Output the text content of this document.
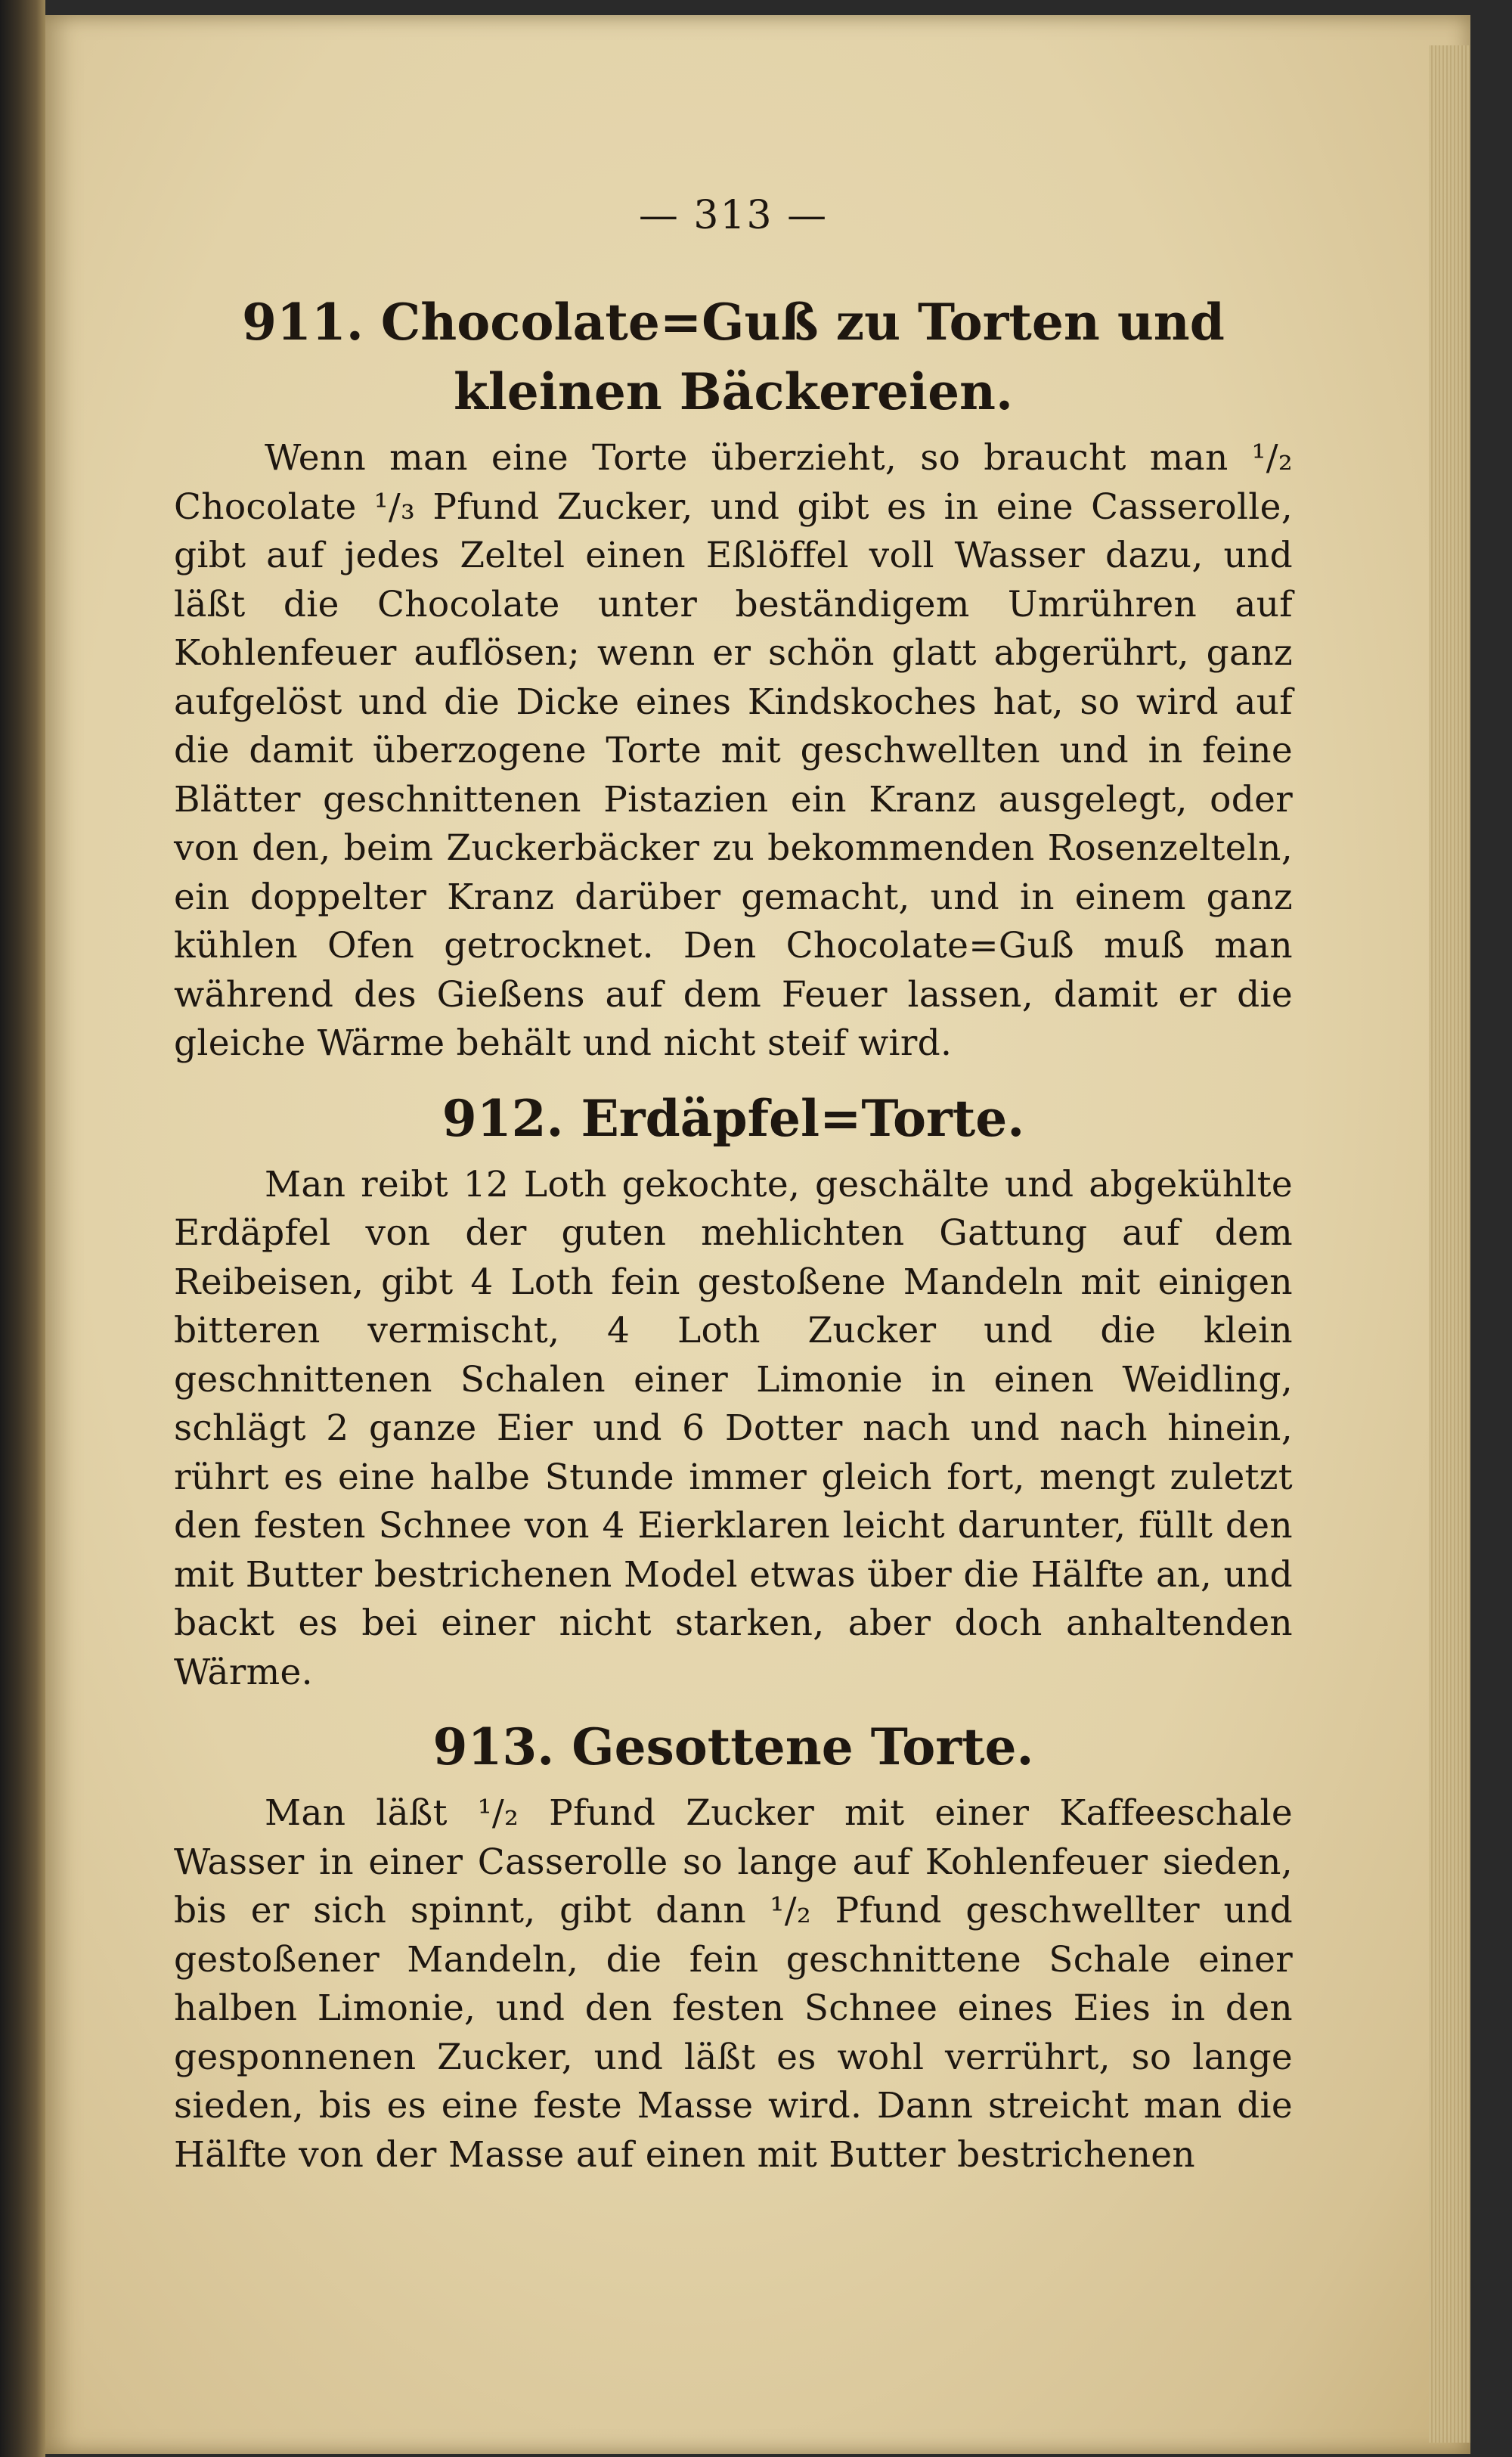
— 313 —
911. Chocolate=Guß zu Torten und kleinen Bäckereien.

Wenn man eine Torte überzieht, so braucht man ¹/₂ Chocolate ¹/₃ Pfund Zucker, und gibt es in eine Casserolle, gibt auf jedes Zeltel einen Eßlöffel voll Wasser dazu, und läßt die Chocolate unter beständigem Umrühren auf Kohlenfeuer auflösen; wenn er schön glatt abgerührt, ganz aufgelöst und die Dicke eines Kindskoches hat, so wird auf die damit überzogene Torte mit geschwellten und in feine Blätter geschnittenen Pistazien ein Kranz ausgelegt, oder von den, beim Zuckerbäcker zu bekommenden Rosenzelteln, ein doppelter Kranz darüber gemacht, und in einem ganz kühlen Ofen getrocknet. Den Chocolate=Guß muß man während des Gießens auf dem Feuer lassen, damit er die gleiche Wärme behält und nicht steif wird.

912. Erdäpfel=Torte.

Man reibt 12 Loth gekochte, geschälte und abgekühlte Erdäpfel von der guten mehlichten Gattung auf dem Reibeisen, gibt 4 Loth fein gestoßene Mandeln mit einigen bitteren vermischt, 4 Loth Zucker und die klein geschnittenen Schalen einer Limonie in einen Weidling, schlägt 2 ganze Eier und 6 Dotter nach und nach hinein, rührt es eine halbe Stunde immer gleich fort, mengt zuletzt den festen Schnee von 4 Eierklaren leicht darunter, füllt den mit Butter bestrichenen Model etwas über die Hälfte an, und backt es bei einer nicht starken, aber doch anhaltenden Wärme.

913. Gesottene Torte.

Man läßt ¹/₂ Pfund Zucker mit einer Kaffeeschale Wasser in einer Casserolle so lange auf Kohlenfeuer sieden, bis er sich spinnt, gibt dann ¹/₂ Pfund geschwellter und gestoßener Mandeln, die fein geschnittene Schale einer halben Limonie, und den festen Schnee eines Eies in den gesponnenen Zucker, und läßt es wohl verrührt, so lange sieden, bis es eine feste Masse wird. Dann streicht man die Hälfte von der Masse auf einen mit Butter bestrichenen
